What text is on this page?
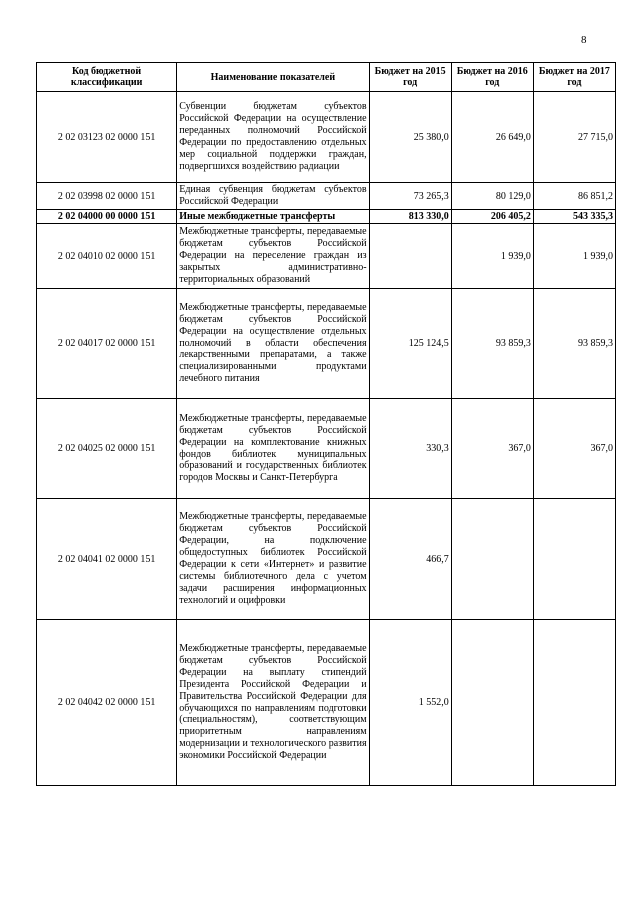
8
Код бюджетной классификации	Наименование показателей	Бюджет на 2015 год	Бюджет на 2016 год	Бюджет на 2017 год
2 02 03123 02 0000 151	Субвенции бюджетам субъектов Российской Федерации на осуществление переданных полномочий Российской Федерации по предоставлению отдельных мер социальной поддержки граждан, подвергшихся воздействию радиации	25 380,0	26 649,0	27 715,0
2 02 03998 02 0000 151	Единая субвенция бюджетам субъектов Российской Федерации	73 265,3	80 129,0	86 851,2
2 02 04000 00 0000 151	Иные межбюджетные трансферты	813 330,0	206 405,2	543 335,3
2 02 04010 02 0000 151	Межбюджетные трансферты, передаваемые бюджетам субъектов Российской Федерации на переселение граждан из закрытых административно-территориальных образований		1 939,0	1 939,0
2 02 04017 02 0000 151	Межбюджетные трансферты, передаваемые бюджетам субъектов Российской Федерации на осуществление отдельных полномочий в области обеспечения лекарственными препаратами, а также специализированными продуктами лечебного питания	125 124,5	93 859,3	93 859,3
2 02 04025 02 0000 151	Межбюджетные трансферты, передаваемые бюджетам субъектов Российской Федерации на комплектование книжных фондов библиотек муниципальных образований и государственных библиотек городов Москвы и Санкт-Петербурга	330,3	367,0	367,0
2 02 04041 02 0000 151	Межбюджетные трансферты, передаваемые бюджетам субъектов Российской Федерации, на подключение общедоступных библиотек Российской Федерации к сети «Интернет» и развитие системы библиотечного дела с учетом задачи расширения информационных технологий и оцифровки	466,7		
2 02 04042 02 0000 151	Межбюджетные трансферты, передаваемые бюджетам субъектов Российской Федерации на выплату стипендий Президента Российской Федерации и Правительства Российской Федерации для обучающихся по направлениям подготовки (специальностям), соответствующим приоритетным направлениям модернизации и технологического развития экономики Российской Федерации	1 552,0		
